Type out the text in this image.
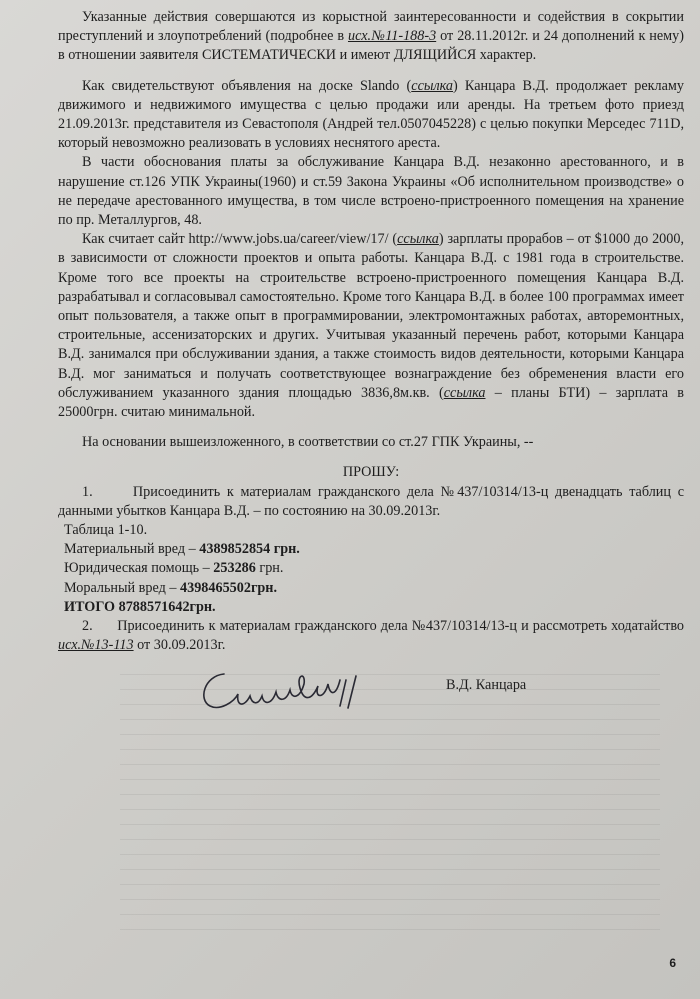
Указанные действия совершаются из корыстной заинтересованности и содействия в сокрытии преступлений и злоупотреблений (подробнее в исх.№11-188-3 от 28.11.2012г. и 24 дополнений к нему) в отношении заявителя СИСТЕМАТИЧЕСКИ и имеют ДЛЯЩИЙСЯ характер.

Как свидетельствуют объявления на доске Slando (ссылка) Канцара В.Д. продолжает рекламу движимого и недвижимого имущества с целью продажи или аренды. На третьем фото приезд 21.09.2013г. представителя из Севастополя (Андрей тел.0507045228) с целью покупки Мерседес 711D, который невозможно реализовать в условиях неснятого ареста.

В части обоснования платы за обслуживание Канцара В.Д. незаконно арестованного, и в нарушение ст.126 УПК Украины(1960) и ст.59 Закона Украины «Об исполнительном производстве» о не передаче арестованного имущества, в том числе встроено-пристроенного помещения на хранение по пр. Металлургов, 48.

Как считает сайт http://www.jobs.ua/career/view/17/ (ссылка) зарплаты прорабов – от $1000 до 2000, в зависимости от сложности проектов и опыта работы. Канцара В.Д. с 1981 года в строительстве. Кроме того все проекты на строительстве встроено-пристроенного помещения Канцара В.Д. разрабатывал и согласовывал самостоятельно. Кроме того Канцара В.Д. в более 100 программах имеет опыт пользователя, а также опыт в программировании, электромонтажных работах, авторемонтных, строительные, ассенизаторских и других. Учитывая указанный перечень работ, которыми Канцара В.Д. занимался при обслуживании здания, а также стоимость видов деятельности, которыми Канцара В.Д. мог заниматься и получать соответствующее вознаграждение без обременения власти его обслуживанием указанного здания площадью 3836,8м.кв. (ссылка – планы БТИ) – зарплата в 25000грн. считаю минимальной.

На основании вышеизложенного, в соответствии со ст.27 ГПК Украины, --

ПРОШУ:

1.	Присоединить к материалам гражданского дела №437/10314/13-ц двенадцать таблиц с данными убытков Канцара В.Д. – по состоянию на 30.09.2013г.

Таблица 1-10.

Материальный вред – 4389852854 грн.

Юридическая помощь – 253286 грн.

Моральный вред – 4398465502грн.

ИТОГО 8788571642грн.

2. Присоединить к материалам гражданского дела №437/10314/13-ц и рассмотреть ходатайство исх.№13-113 от 30.09.2013г.

В.Д. Канцара
6
